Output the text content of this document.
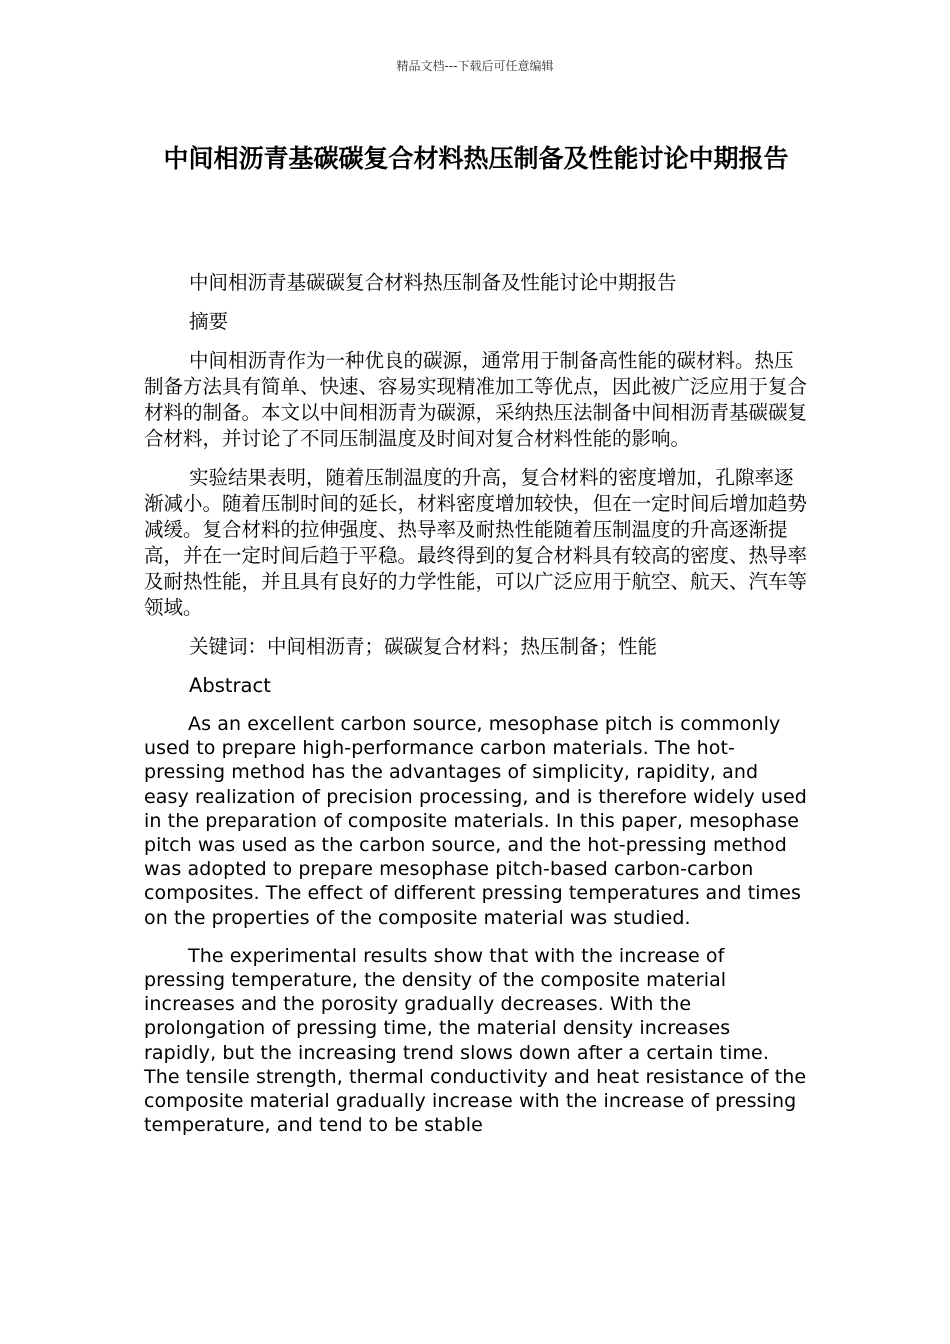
精品文档---下载后可任意编辑
中间相沥青基碳碳复合材料热压制备及性能讨论中期报告

中间相沥青基碳碳复合材料热压制备及性能讨论中期报告

摘要

中间相沥青作为一种优良的碳源，通常用于制备高性能的碳材料。热压制备方法具有简单、快速、容易实现精准加工等优点，因此被广泛应用于复合材料的制备。本文以中间相沥青为碳源，采纳热压法制备中间相沥青基碳碳复合材料，并讨论了不同压制温度及时间对复合材料性能的影响。

实验结果表明，随着压制温度的升高，复合材料的密度增加，孔隙率逐渐减小。随着压制时间的延长，材料密度增加较快，但在一定时间后增加趋势减缓。复合材料的拉伸强度、热导率及耐热性能随着压制温度的升高逐渐提高，并在一定时间后趋于平稳。最终得到的复合材料具有较高的密度、热导率及耐热性能，并且具有良好的力学性能，可以广泛应用于航空、航天、汽车等领域。

关键词：中间相沥青；碳碳复合材料；热压制备；性能

Abstract

As an excellent carbon source, mesophase pitch is commonly used to prepare high-performance carbon materials. The hot-pressing method has the advantages of simplicity, rapidity, and easy realization of precision processing, and is therefore widely used in the preparation of composite materials. In this paper, mesophase pitch was used as the carbon source, and the hot-pressing method was adopted to prepare mesophase pitch-based carbon-carbon composites. The effect of different pressing temperatures and times on the properties of the composite material was studied.

The experimental results show that with the increase of pressing temperature, the density of the composite material increases and the porosity gradually decreases. With the prolongation of pressing time, the material density increases rapidly, but the increasing trend slows down after a certain time. The tensile strength, thermal conductivity and heat resistance of the composite material gradually increase with the increase of pressing temperature, and tend to be stable
